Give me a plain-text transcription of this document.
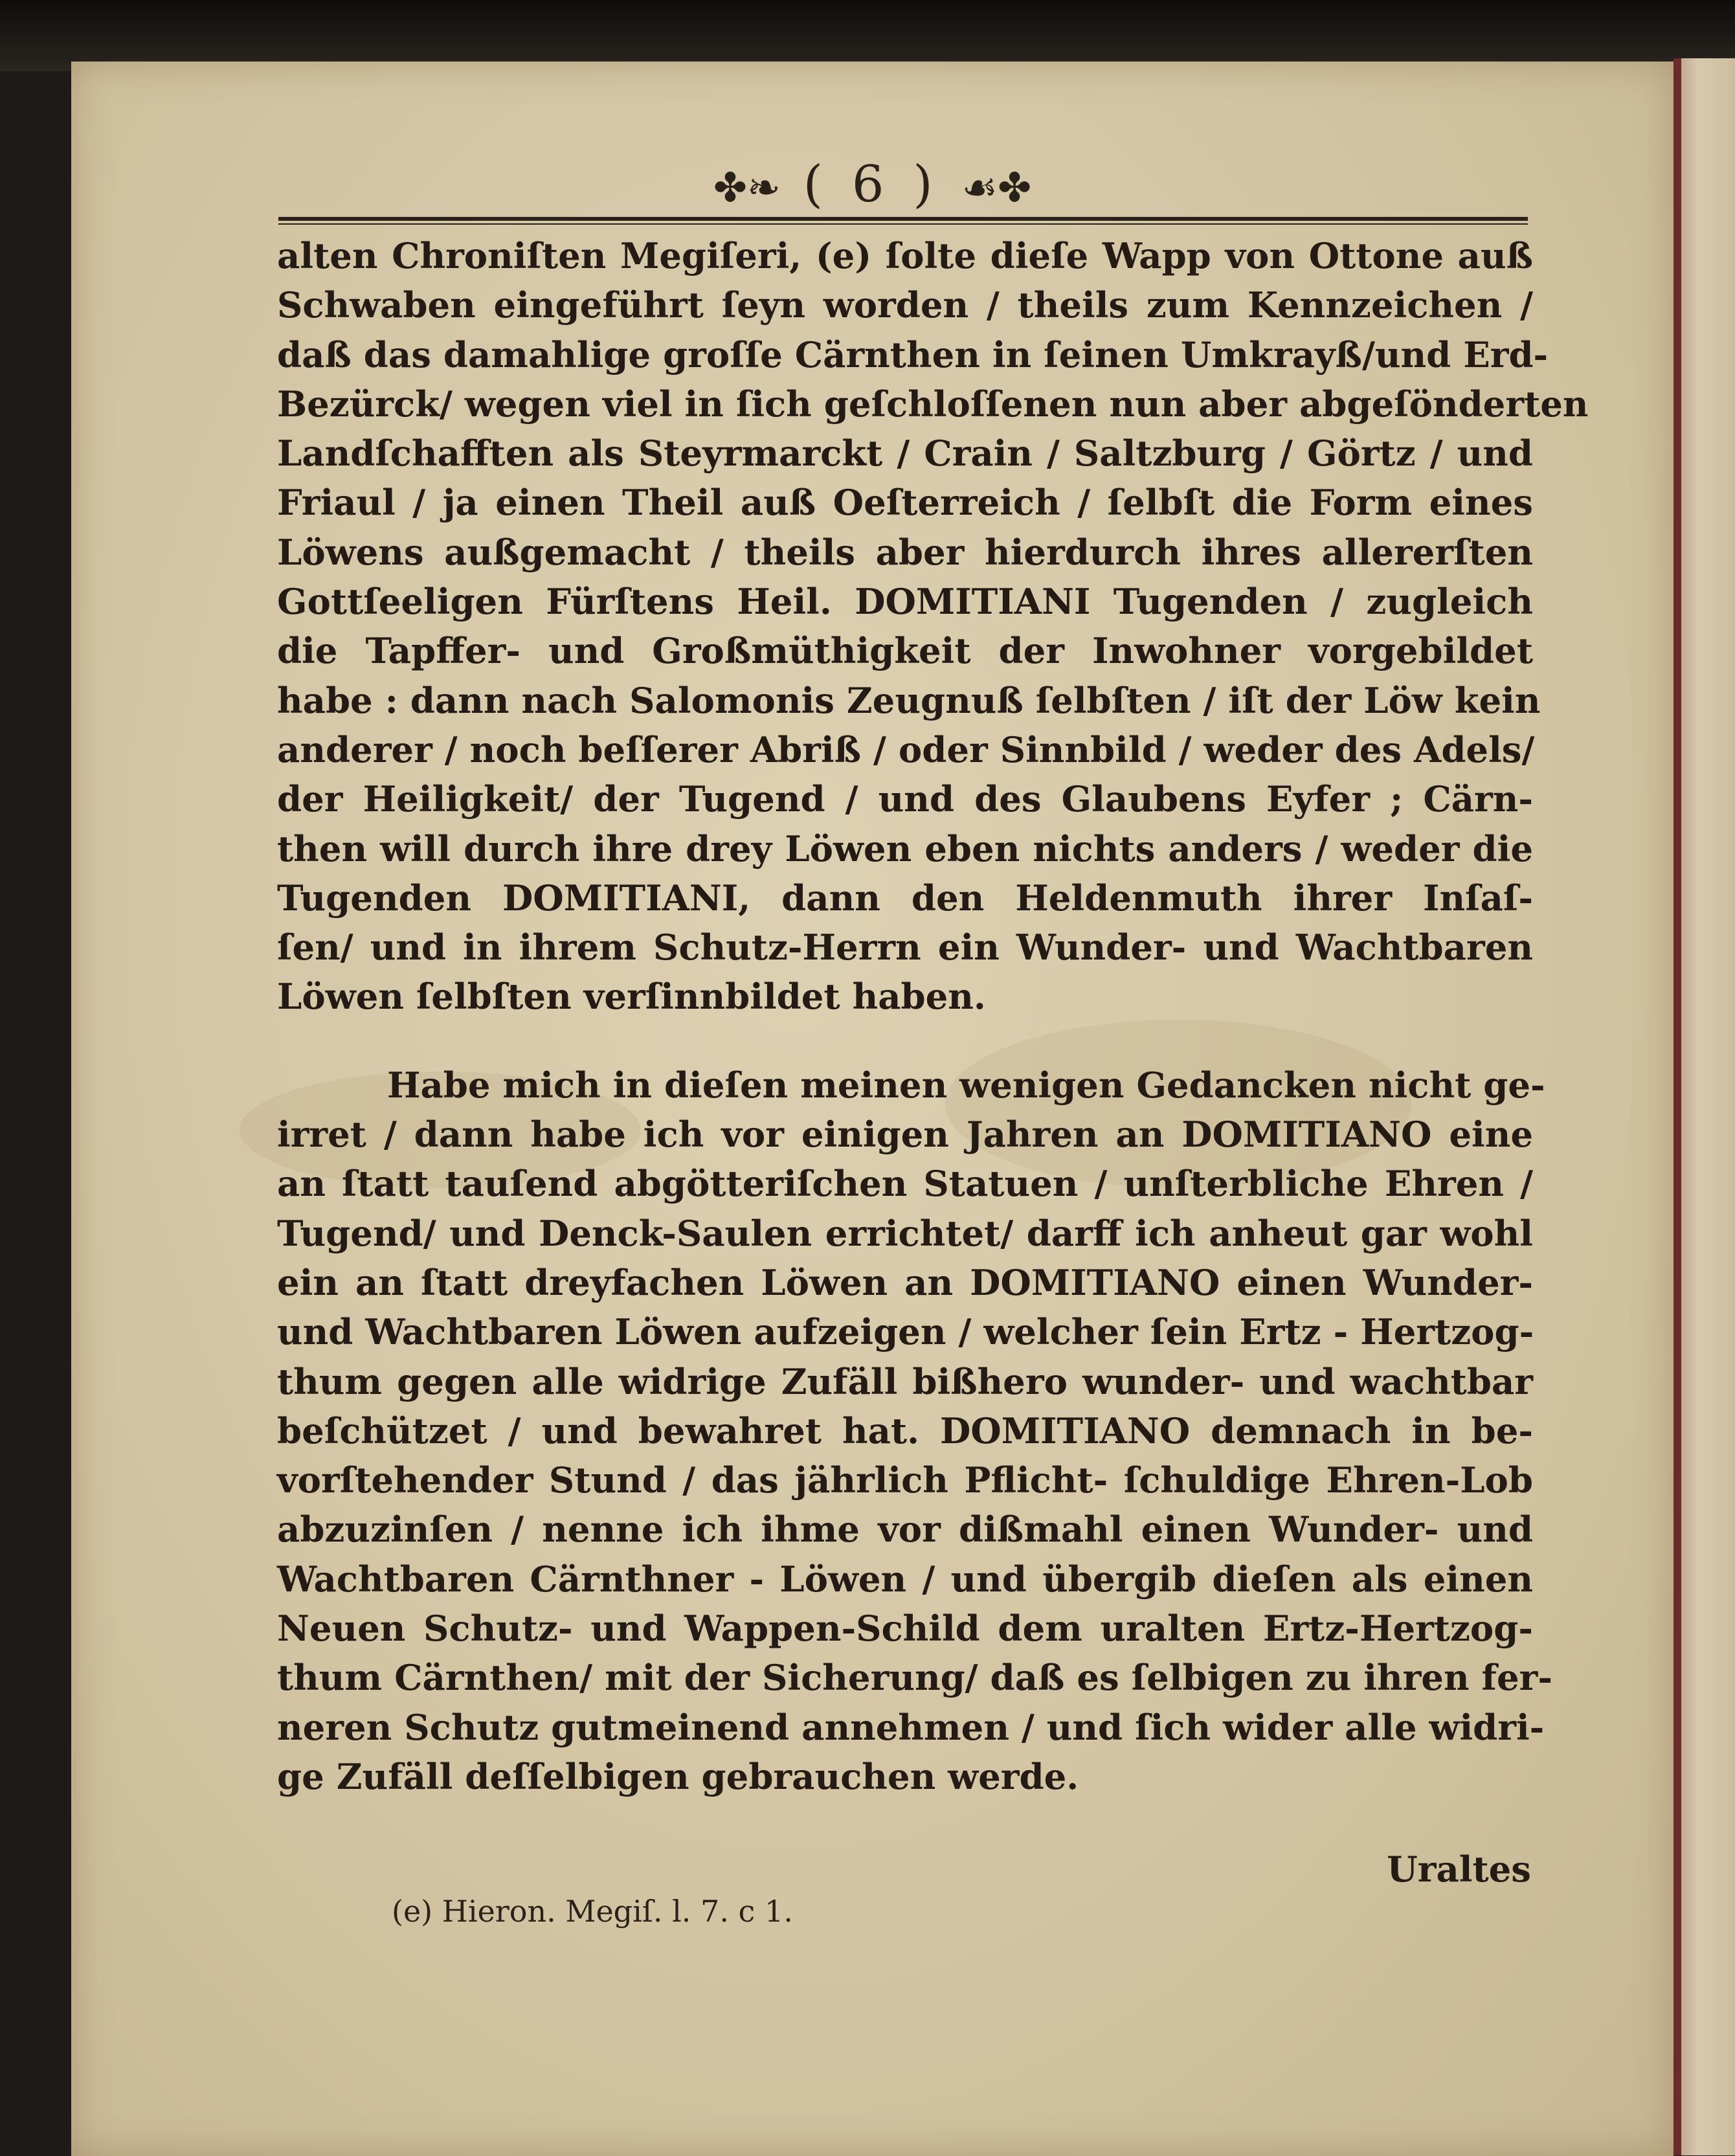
✤❧ ( 6 ) ☙✤
alten Chroniſten Megiſeri, (e) ſolte dieſe Wapp von Ottone auß
Schwaben eingeführt ſeyn worden / theils zum Kennzeichen /
daß das damahlige groſſe Cärnthen in ſeinen Umkrayß/und Erd-
Bezürck/ wegen viel in ſich geſchloſſenen nun aber abgeſönderten
Landſchafften als Steyrmarckt / Crain / Saltzburg / Görtz / und
Friaul / ja einen Theil auß Oeſterreich / ſelbſt die Form eines
Löwens außgemacht / theils aber hierdurch ihres allererſten
Gottſeeligen Fürſtens Heil. DOMITIANI Tugenden / zugleich
die Tapffer- und Großmüthigkeit der Inwohner vorgebildet
habe : dann nach Salomonis Zeugnuß ſelbſten / iſt der Löw kein
anderer / noch beſſerer Abriß / oder Sinnbild / weder des Adels/
der Heiligkeit/ der Tugend / und des Glaubens Eyfer ; Cärn-
then will durch ihre drey Löwen eben nichts anders / weder die
Tugenden DOMITIANI, dann den Heldenmuth ihrer Inſaſ-
ſen/ und in ihrem Schutz-Herrn ein Wunder- und Wachtbaren
Löwen ſelbſten verſinnbildet haben.
Habe mich in dieſen meinen wenigen Gedancken nicht ge-
irret / dann habe ich vor einigen Jahren an DOMITIANO eine
an ſtatt tauſend abgötteriſchen Statuen / unſterbliche Ehren /
Tugend/ und Denck-Saulen errichtet/ darff ich anheut gar wohl
ein an ſtatt dreyfachen Löwen an DOMITIANO einen Wunder-
und Wachtbaren Löwen aufzeigen / welcher ſein Ertz - Hertzog-
thum gegen alle widrige Zufäll bißhero wunder- und wachtbar
beſchützet / und bewahret hat. DOMITIANO demnach in be-
vorſtehender Stund / das jährlich Pflicht- ſchuldige Ehren-Lob
abzuzinſen / nenne ich ihme vor dißmahl einen Wunder- und
Wachtbaren Cärnthner - Löwen / und übergib dieſen als einen
Neuen Schutz- und Wappen-Schild dem uralten Ertz-Hertzog-
thum Cärnthen/ mit der Sicherung/ daß es ſelbigen zu ihren fer-
neren Schutz gutmeinend annehmen / und ſich wider alle widri-
ge Zufäll deſſelbigen gebrauchen werde.
Uraltes
(e) Hieron. Megiſ. l. 7. c 1.
